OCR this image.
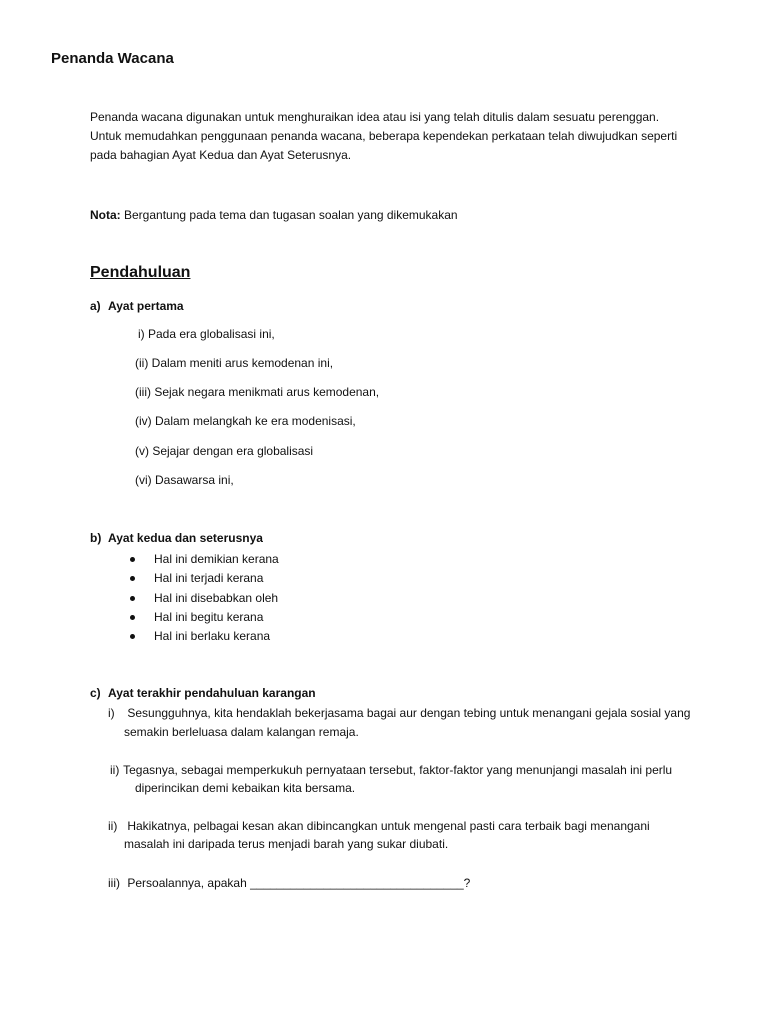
Penanda Wacana
Penanda wacana digunakan untuk menghuraikan idea atau isi yang telah ditulis dalam sesuatu perenggan.
Untuk memudahkan penggunaan penanda wacana, beberapa kependekan perkataan telah diwujudkan seperti
pada bahagian Ayat Kedua dan Ayat Seterusnya.
Nota: Bergantung pada tema dan tugasan soalan yang dikemukakan
Pendahuluan
a) Ayat pertama
i) Pada era globalisasi ini,
(ii) Dalam meniti arus kemodenan ini,
(iii) Sejak negara menikmati arus kemodenan,
(iv) Dalam melangkah ke era modenisasi,
(v) Sejajar dengan era globalisasi
(vi) Dasawarsa ini,
b) Ayat kedua dan seterusnya
Hal ini demikian kerana
Hal ini terjadi kerana
Hal ini disebabkan oleh
Hal ini begitu kerana
Hal ini berlaku kerana
c) Ayat terakhir pendahuluan karangan
i) Sesungguhnya, kita hendaklah bekerjasama bagai aur dengan tebing untuk menangani gejala sosial yang
semakin berleluasa dalam kalangan remaja.
ii) Tegasnya, sebagai memperkukuh pernyataan tersebut, faktor-faktor yang menunjangi masalah ini perlu
diperincikan demi kebaikan kita bersama.
ii) Hakikatnya, pelbagai kesan akan dibincangkan untuk mengenal pasti cara terbaik bagi menangani
masalah ini daripada terus menjadi barah yang sukar diubati.
iii) Persoalannya, apakah ________________________________?
